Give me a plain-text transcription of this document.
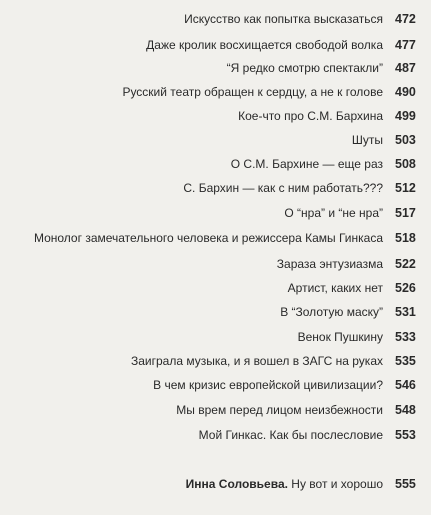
Искусство как попытка высказаться 472
Даже кролик восхищается свободой волка 477
“Я редко смотрю спектакли” 487
Русский театр обращен к сердцу, а не к голове 490
Кое-что про С.М. Бархина 499
Шуты 503
О С.М. Бархине — еще раз 508
С. Бархин — как с ним работать??? 512
О “нра” и “не нра” 517
Монолог замечательного человека и режиссера Камы Гинкаса 518
Зараза энтузиазма 522
Артист, каких нет 526
В “Золотую маску” 531
Венок Пушкину 533
Заиграла музыка, и я вошел в ЗАГС на руках 535
В чем кризис европейской цивилизации? 546
Мы врем перед лицом неизбежности 548
Мой Гинкас. Как бы послесловие 553
Инна Соловьева. Ну вот и хорошо 555
